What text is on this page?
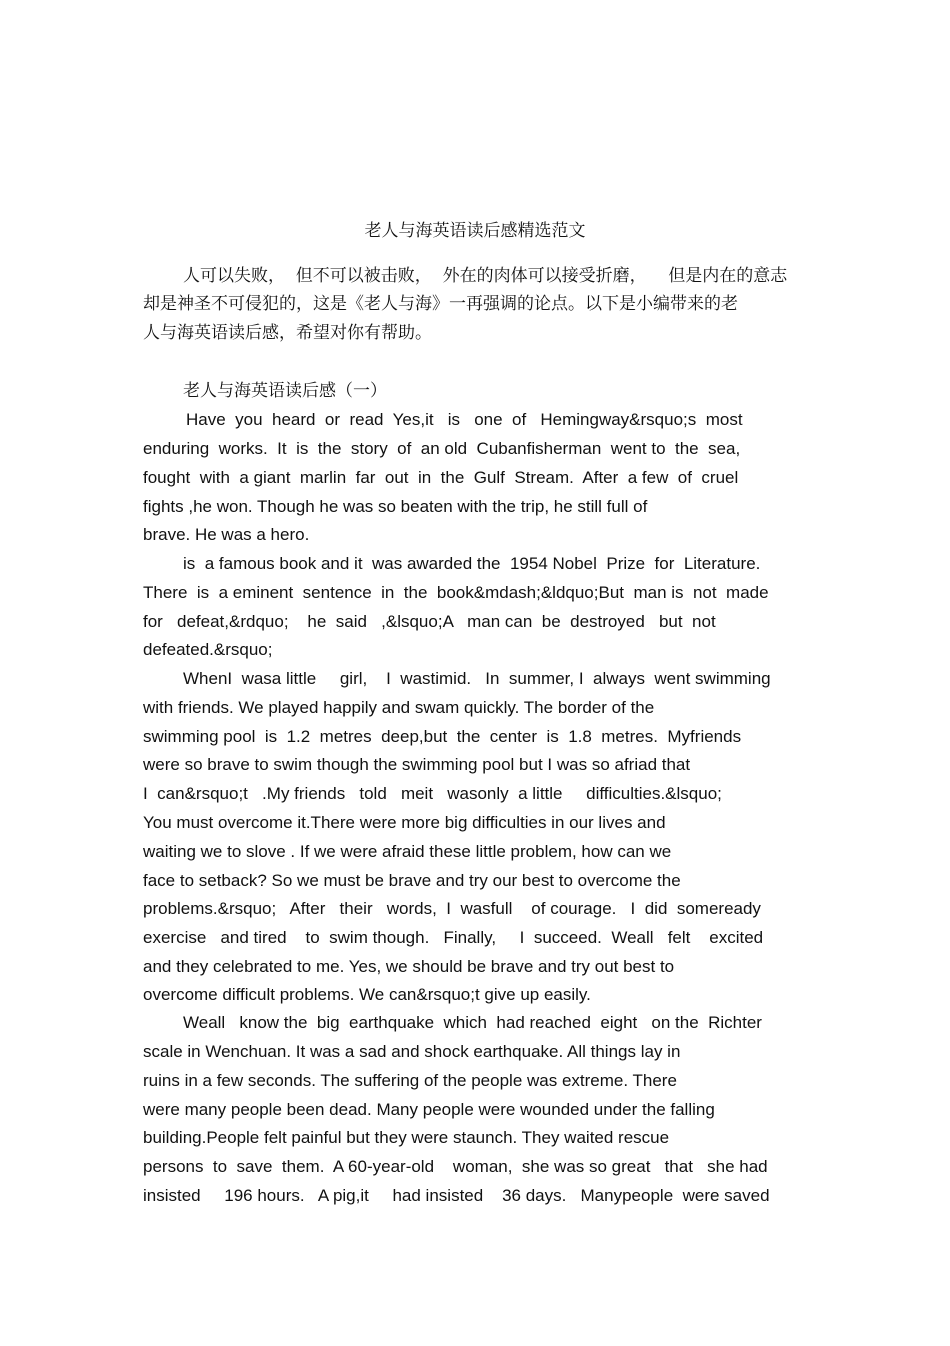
老人与海英语读后感精选范文
人可以失败，  但不可以被击败，  外在的肉体可以接受折磨，    但是内在的意志
却是神圣不可侵犯的，这是《老人与海》一再强调的论点。以下是小编带来的老
人与海英语读后感，希望对你有帮助。
老人与海英语读后感（一）
Have  you  heard  or  read  Yes,it   is   one  of   Hemingway&rsquo;s  most
enduring  works.  It  is  the  story  of  an old  Cubanfisherman  went to  the  sea,
fought  with  a giant  marlin  far  out  in  the  Gulf  Stream.  After  a few  of  cruel
fights ,he won. Though he was so beaten with the trip, he still full of
brave. He was a hero.
is  a famous book and it  was awarded the  1954 Nobel  Prize  for  Literature.
There  is  a eminent  sentence  in  the  book&mdash;&ldquo;But  man is  not  made
for   defeat,&rdquo;    he  said   ,&lsquo;A   man can  be  destroyed   but  not
defeated.&rsquo;
WhenI  wasa little     girl,    I  wastimid.   In  summer, I  always  went swimming
with friends. We played happily and swam quickly. The border of the
swimming pool  is  1.2  metres  deep,but  the  center  is  1.8  metres.  Myfriends
were so brave to swim though the swimming pool but I was so afriad that
I  can&rsquo;t   .My friends   told   meit   wasonly  a little     difficulties.&lsquo;
You must overcome it.There were more big difficulties in our lives and
waiting we to slove . If we were afraid these little problem, how can we
face to setback? So we must be brave and try our best to overcome the
problems.&rsquo;   After   their   words,  I  wasfull    of courage.   I  did  someready
exercise   and tired    to  swim though.   Finally,     I  succeed.  Weall   felt    excited
and they celebrated to me. Yes, we should be brave and try out best to
overcome difficult problems. We can&rsquo;t give up easily.
Weall   know the  big  earthquake  which  had reached  eight   on the  Richter
scale in Wenchuan. It was a sad and shock earthquake. All things lay in
ruins in a few seconds. The suffering of the people was extreme. There
were many people been dead. Many people were wounded under the falling
building.People felt painful but they were staunch. They waited rescue
persons  to  save  them.  A 60-year-old    woman,  she was so great   that   she had
insisted     196 hours.   A pig,it     had insisted    36 days.   Manypeople  were saved
